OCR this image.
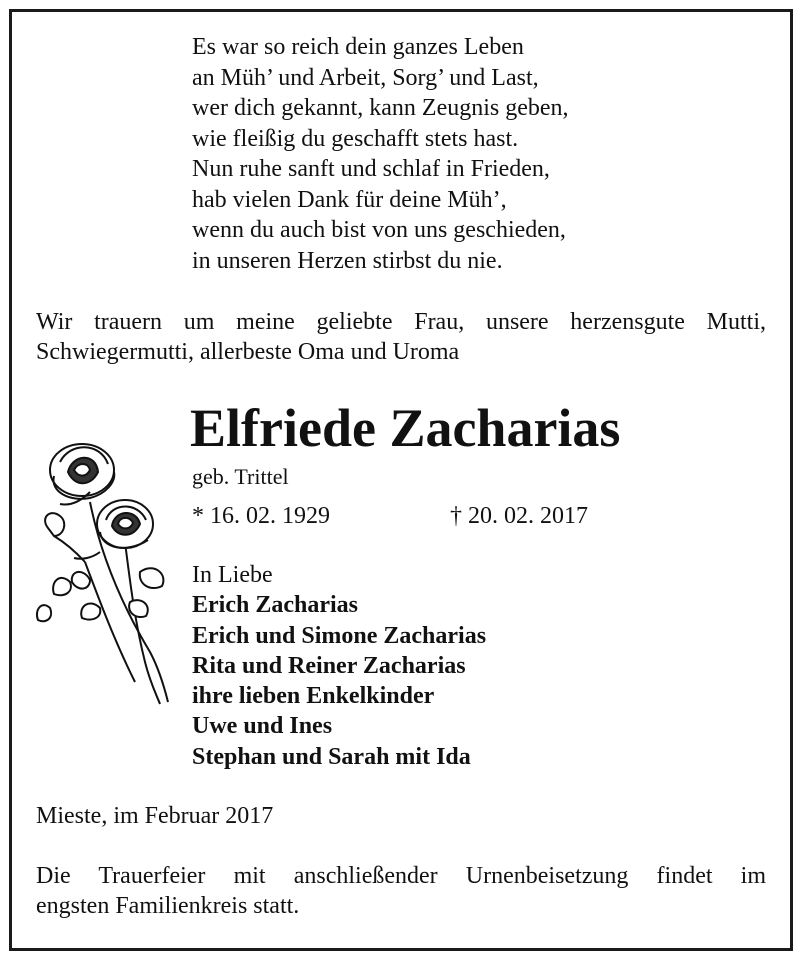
Es war so reich dein ganzes Leben
an Müh’ und Arbeit, Sorg’ und Last,
wer dich gekannt, kann Zeugnis geben,
wie fleißig du geschafft stets hast.
Nun ruhe sanft und schlaf in Frieden,
hab vielen Dank für deine Müh’,
wenn du auch bist von uns geschieden,
in unseren Herzen stirbst du nie.
Wir trauern um meine geliebte Frau, unsere herzensgute Mutti,
Schwiegermutti, allerbeste Oma und Uroma
Elfriede Zacharias
geb. Trittel
* 16. 02. 1929	† 20. 02. 2017
In Liebe
Erich Zacharias
Erich und Simone Zacharias
Rita und Reiner Zacharias
ihre lieben Enkelkinder
Uwe und Ines
Stephan und Sarah mit Ida
Mieste, im Februar 2017
Die Trauerfeier mit anschließender Urnenbeisetzung findet im
engsten Familienkreis statt.
